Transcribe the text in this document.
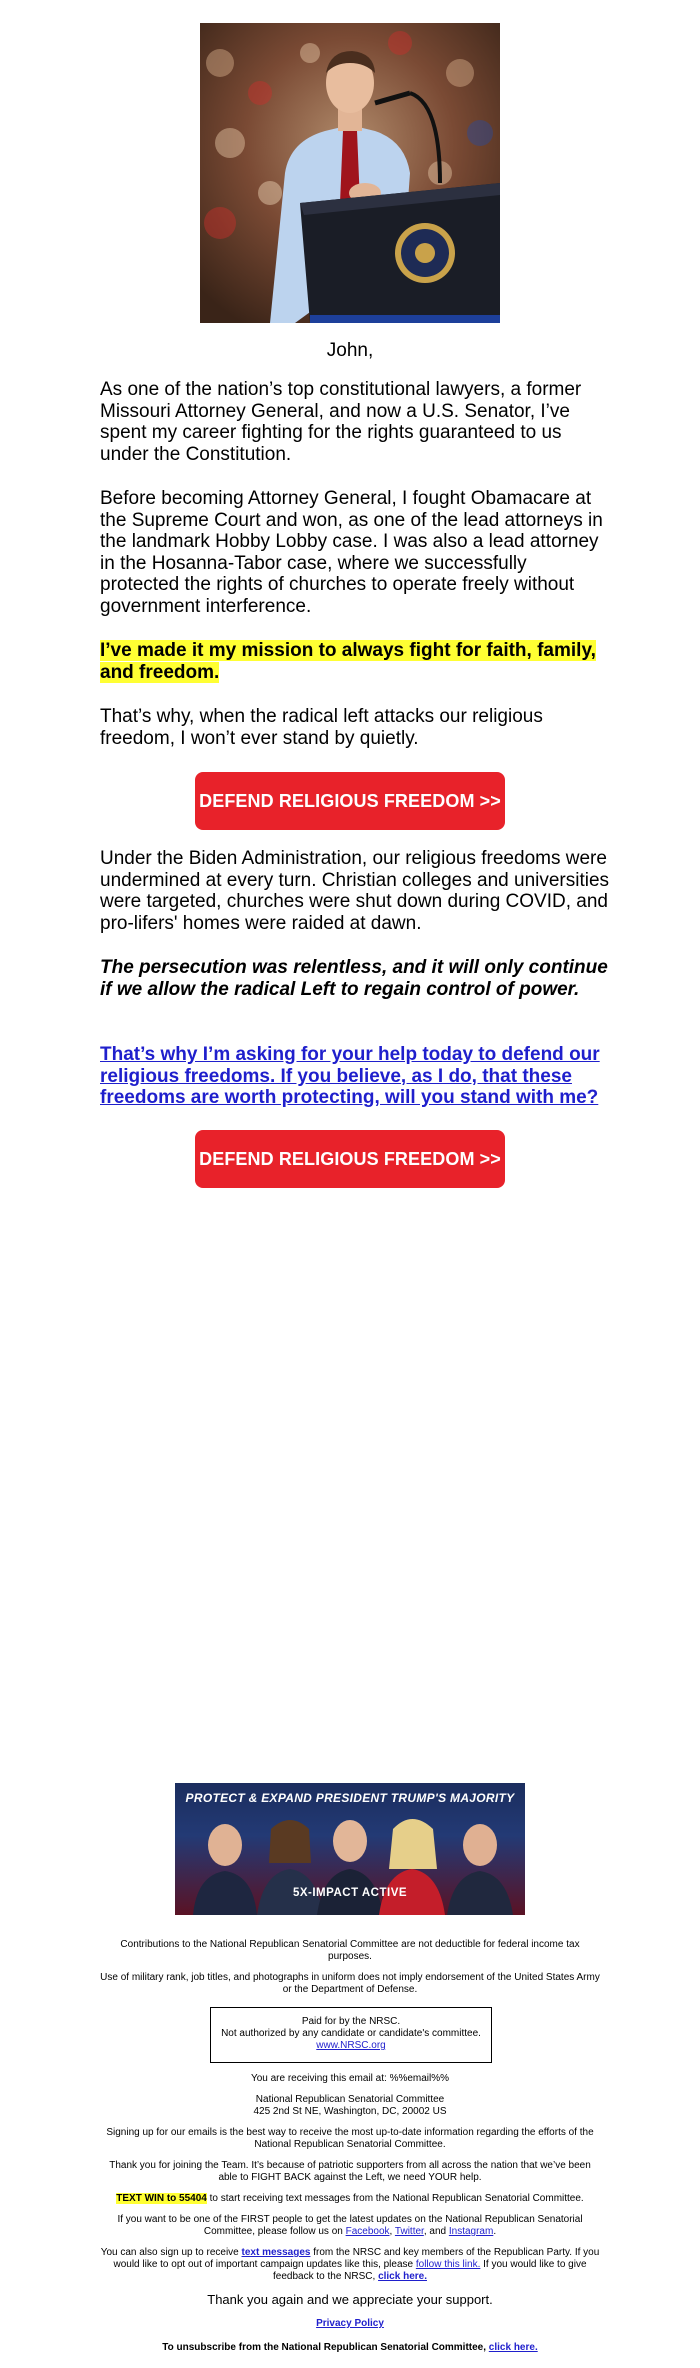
John,

As one of the nation’s top constitutional lawyers, a former Missouri Attorney General, and now a U.S. Senator, I’ve spent my career fighting for the rights guaranteed to us under the Constitution.

Before becoming Attorney General, I fought Obamacare at the Supreme Court and won, as one of the lead attorneys in the landmark Hobby Lobby case. I was also a lead attorney in the Hosanna-Tabor case, where we successfully protected the rights of churches to operate freely without government interference.

I’ve made it my mission to always fight for faith, family, and freedom.

That’s why, when the radical left attacks our religious freedom, I won’t ever stand by quietly.

DEFEND RELIGIOUS FREEDOM >>

Under the Biden Administration, our religious freedoms were undermined at every turn. Christian colleges and universities were targeted, churches were shut down during COVID, and pro-lifers' homes were raided at dawn.

The persecution was relentless, and it will only continue if we allow the radical Left to regain control of power.

That’s why I’m asking for your help today to defend our religious freedoms. If you believe, as I do, that these freedoms are worth protecting, will you stand with me?

DEFEND RELIGIOUS FREEDOM >>
PROTECT & EXPAND PRESIDENT TRUMP'S MAJORITY
5X-IMPACT ACTIVE

Contributions to the National Republican Senatorial Committee are not deductible for federal income tax purposes.

Use of military rank, job titles, and photographs in uniform does not imply endorsement of the United States Army or the Department of Defense.

Paid for by the NRSC.
Not authorized by any candidate or candidate's committee.
www.NRSC.org

You are receiving this email at: %%email%%

National Republican Senatorial Committee

425 2nd St NE, Washington, DC, 20002 US

Signing up for our emails is the best way to receive the most up-to-date information regarding the efforts of the National Republican Senatorial Committee.

Thank you for joining the Team. It’s because of patriotic supporters from all across the nation that we’ve been able to FIGHT BACK against the Left, we need YOUR help.

TEXT WIN to 55404 to start receiving text messages from the National Republican Senatorial Committee.

If you want to be one of the FIRST people to get the latest updates on the National Republican Senatorial Committee, please follow us on Facebook, Twitter, and Instagram.

You can also sign up to receive text messages from the NRSC and key members of the Republican Party. If you would like to opt out of important campaign updates like this, please follow this link. If you would like to give feedback to the NRSC, click here.

Thank you again and we appreciate your support.

Privacy Policy

To unsubscribe from the National Republican Senatorial Committee, click here.
